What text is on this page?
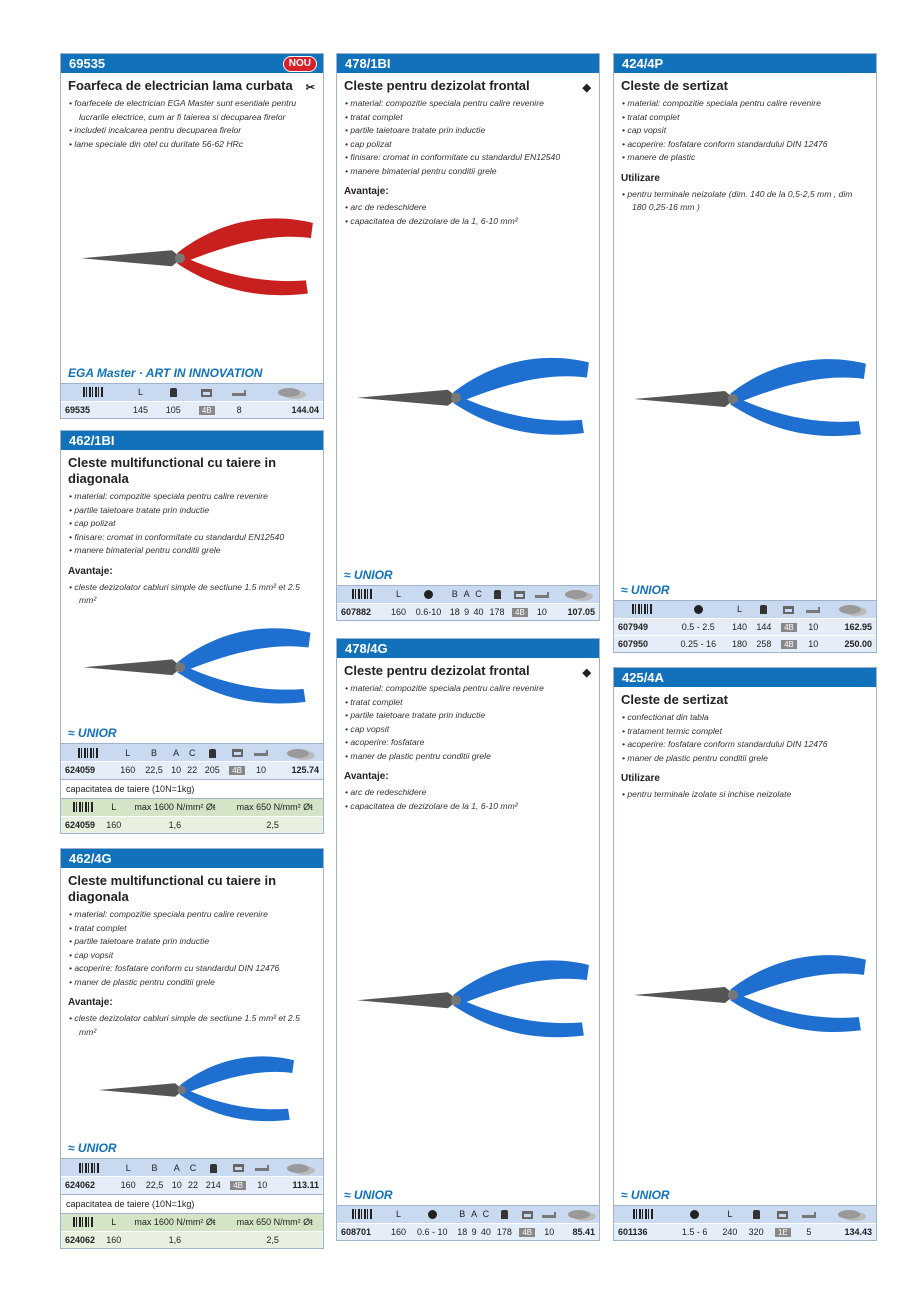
69535	NOU
Foarfeca de electrician lama curbata ✂
• foarfecele de electrician EGA Master sunt esentiale pentru lucrarile electrice, cum ar fi taierea si decuparea firelor
• includeti incalcarea pentru decuparea firelor
• lame speciale din otel cu duritate 56-62 HRc
EGA Master · ART IN INNOVATION
	L					
69535	145		105	4B	8	144.04
462/1BI
Cleste multifunctional cu taiere in diagonala
• material: compozitie speciala pentru calire revenire
• partile taietoare tratate prin inductie
• cap polizat
• finisare: cromat in conformitate cu standardul EN12540
• manere bimaterial pentru conditii grele
Avantaje:
• cleste dezizolator cabluri simple de sectiune 1.5 mm² et 2.5 mm²
≈ UNIOR
	L	B	A	C				
624059	160	22,5	10	22	205	4B	10	125.74
capacitatea de taiere (10N=1kg)
	L	max 1600 N/mm² Øŧ	max 650 N/mm² Øŧ
624059	160	1,6	2,5
462/4G
Cleste multifunctional cu taiere in diagonala
• material: compozitie speciala pentru calire revenire
• tratat complet
• partile taietoare tratate prin inductie
• cap vopsit
• acoperire: fosfatare conform cu standardul DIN 12476
• maner de plastic pentru conditii grele
Avantaje:
• cleste dezizolator cabluri simple de sectiune 1.5 mm² et 2.5 mm²
≈ UNIOR
	L	B	A	C				
624062	160	22,5	10	22	214	4B	10	113.11
capacitatea de taiere (10N=1kg)
	L	max 1600 N/mm² Øŧ	max 650 N/mm² Øŧ
624062	160	1,6	2,5
478/1BI
Cleste pentru dezizolat frontal	◆
• material: compozitie speciala pentru calire revenire
• tratat complet
• partile taietoare tratate prin inductie
• cap polizat
• finisare: cromat in conformitate cu standardul EN12540
• manere bimaterial pentru conditii grele
Avantaje:
• arc de redeschidere
• capacitatea de dezizolare de la 1, 6-10 mm²
≈ UNIOR
	L		B	A	C				
607882	160	0.6-10	18	9	40	178	4B	10	107.05
478/4G
Cleste pentru dezizolat frontal	◆
• material: compozitie speciala pentru calire revenire
• tratat complet
• partile taietoare tratate prin inductie
• cap vopsit
• acoperire: fosfatare
• maner de plastic pentru conditii grele
Avantaje:
• arc de redeschidere
• capacitatea de dezizolare de la 1, 6-10 mm²
≈ UNIOR
	L		B	A	C				
608701	160	0.6 - 10	18	9	40	178	4B	10	85.41
424/4P
Cleste de sertizat
• material: compozitie speciala pentru calire revenire
• tratat complet
• cap vopsit
• acoperire: fosfatare conform standardului DIN 12476
• manere de plastic
Utilizare
• pentru terminale neizolate (dim. 140 de la 0,5-2,5 mm , dim 180 0,25-16 mm )
≈ UNIOR
		L				
607949	0.5 - 2.5	140	144	4B	10	162.95
607950	0.25 - 16	180	258	4B	10	250.00
425/4A
Cleste de sertizat
• confectionat din tabla
• tratament termic complet
• acoperire: fosfatare conform standardului DIN 12476
• maner de plastic pentru conditii grele
Utilizare
• pentru terminale izolate si inchise neizolate
≈ UNIOR
		L				
601136	1.5 - 6	240	320	1E	5	134.43
